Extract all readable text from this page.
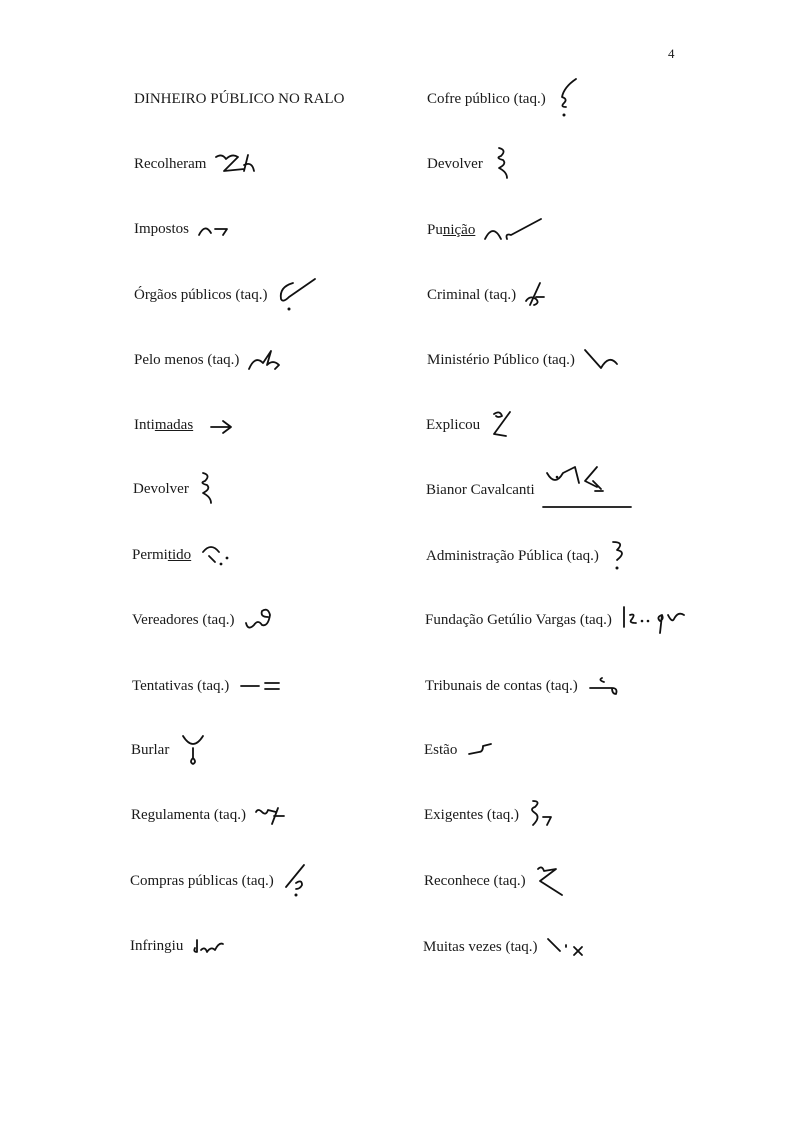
4
DINHEIRO PÚBLICO NO RALO
Recolheram
Impostos
Órgãos públicos (taq.)
Pelo menos (taq.)
Intimadas
Devolver
Permitido
Vereadores (taq.)
Tentativas (taq.)
Burlar
Regulamenta (taq.)
Compras públicas (taq.)
Infringiu
Cofre público (taq.)
Devolver
Punição
Criminal (taq.)
Ministério Público (taq.)
Explicou
Bianor Cavalcanti
Administração Pública (taq.)
Fundação Getúlio Vargas (taq.)
Tribunais de contas (taq.)
Estão
Exigentes (taq.)
Reconhece (taq.)
Muitas vezes (taq.)
